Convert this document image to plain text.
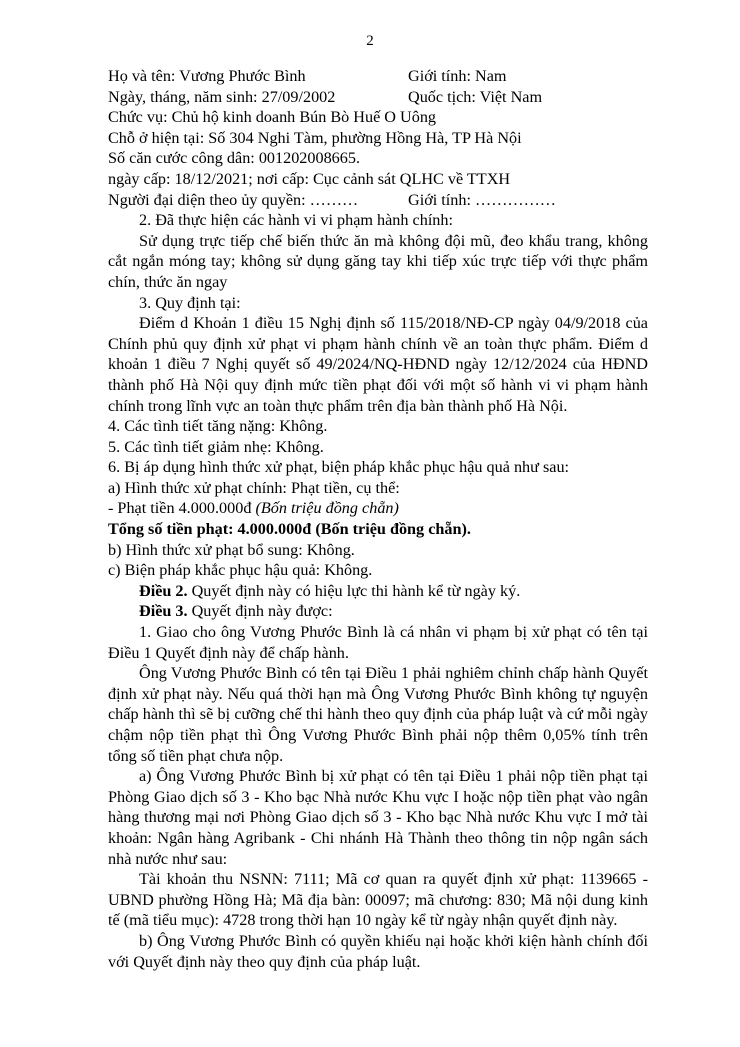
2
Họ và tên: Vương Phước Bình	Giới tính: Nam
Ngày, tháng, năm sinh: 27/09/2002	Quốc tịch: Việt Nam

Chức vụ: Chủ hộ kinh doanh Bún Bò Huế O Uông

Chỗ ở hiện tại: Số 304 Nghi Tàm, phường Hồng Hà, TP Hà Nội

Số căn cước công dân: 001202008665.

ngày cấp: 18/12/2021; nơi cấp: Cục cảnh sát QLHC về TTXH

Người đại diện theo ủy quyền: ………	Giới tính: ……………

2. Đã thực hiện các hành vi vi phạm hành chính:

Sử dụng trực tiếp chế biến thức ăn mà không đội mũ, đeo khẩu trang, không cắt ngắn móng tay; không sử dụng găng tay khi tiếp xúc trực tiếp với thực phẩm chín, thức ăn ngay

3. Quy định tại:

Điểm d Khoản 1 điều 15 Nghị định số 115/2018/NĐ-CP ngày 04/9/2018 của Chính phủ quy định xử phạt vi phạm hành chính về an toàn thực phẩm. Điểm d khoản 1 điều 7 Nghị quyết số 49/2024/NQ-HĐND ngày 12/12/2024 của HĐND thành phố Hà Nội quy định mức tiền phạt đối với một số hành vi vi phạm hành chính trong lĩnh vực an toàn thực phẩm trên địa bàn thành phố Hà Nội.

4. Các tình tiết tăng nặng: Không.

5. Các tình tiết giảm nhẹ: Không.

6. Bị áp dụng hình thức xử phạt, biện pháp khắc phục hậu quả như sau:

a) Hình thức xử phạt chính: Phạt tiền, cụ thể:

- Phạt tiền 4.000.000đ (Bốn triệu đồng chẵn)

Tổng số tiền phạt: 4.000.000đ (Bốn triệu đồng chẵn).

b) Hình thức xử phạt bổ sung: Không.

c) Biện pháp khắc phục hậu quả: Không.

Điều 2. Quyết định này có hiệu lực thi hành kể từ ngày ký.

Điều 3. Quyết định này được:

1. Giao cho ông Vương Phước Bình là cá nhân vi phạm bị xử phạt có tên tại Điều 1 Quyết định này để chấp hành.

Ông Vương Phước Bình có tên tại Điều 1 phải nghiêm chỉnh chấp hành Quyết định xử phạt này. Nếu quá thời hạn mà Ông Vương Phước Bình không tự nguyện chấp hành thì sẽ bị cưỡng chế thi hành theo quy định của pháp luật và cứ mỗi ngày chậm nộp tiền phạt thì Ông Vương Phước Bình phải nộp thêm 0,05% tính trên tổng số tiền phạt chưa nộp.

a) Ông Vương Phước Bình bị xử phạt có tên tại Điều 1 phải nộp tiền phạt tại Phòng Giao dịch số 3 - Kho bạc Nhà nước Khu vực I hoặc nộp tiền phạt vào ngân hàng thương mại nơi Phòng Giao dịch số 3 - Kho bạc Nhà nước Khu vực I mở tài khoản: Ngân hàng Agribank - Chi nhánh Hà Thành theo thông tin nộp ngân sách nhà nước như sau:

Tài khoản thu NSNN: 7111; Mã cơ quan ra quyết định xử phạt: 1139665 - UBND phường Hồng Hà; Mã địa bàn: 00097; mã chương: 830; Mã nội dung kinh tế (mã tiểu mục): 4728 trong thời hạn 10 ngày kể từ ngày nhận quyết định này.

b) Ông Vương Phước Bình có quyền khiếu nại hoặc khởi kiện hành chính đối với Quyết định này theo quy định của pháp luật.
